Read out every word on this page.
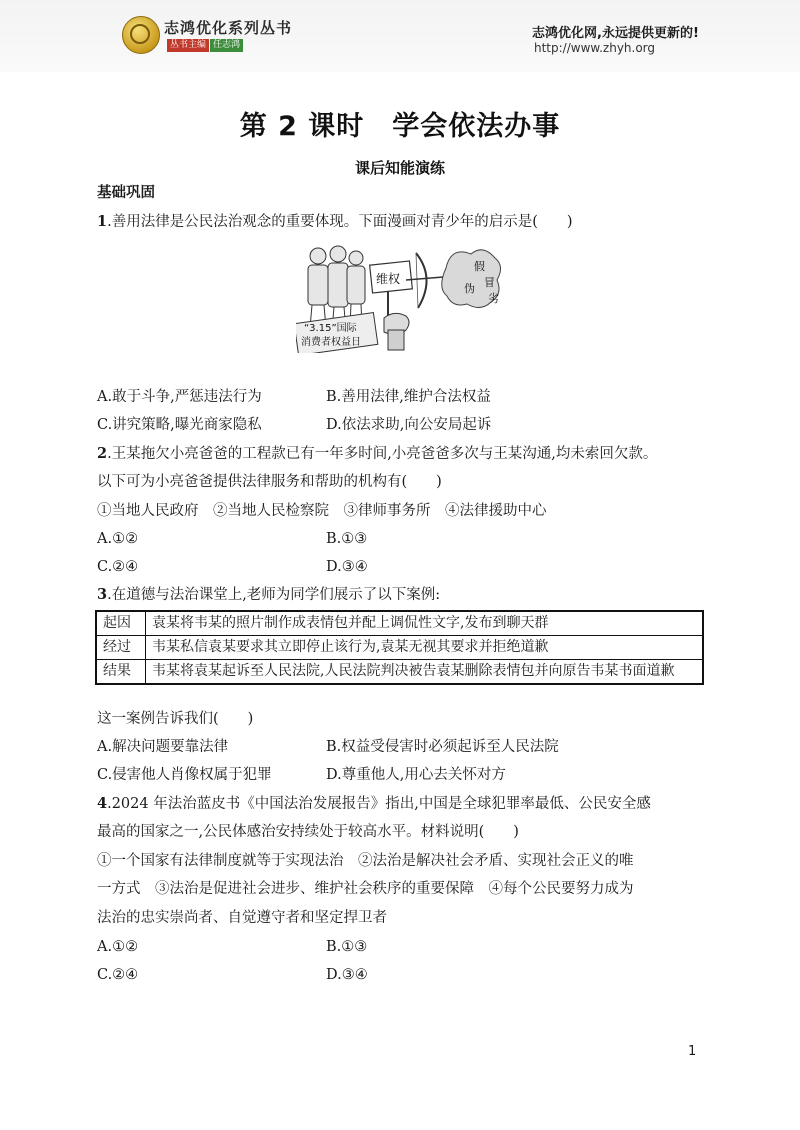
志鸿优化系列丛书
丛书主编 任志鸿
志鸿优化网,永远提供更新的!
http://www.zhyh.org
第 2 课时　学会依法办事
课后知能演练
基础巩固
1.善用法律是公民法治观念的重要体现。下面漫画对青少年的启示是(　　)
维权
“3.15”国际
消费者权益日
假
冒
伪
劣
A.敢于斗争,严惩违法行为	B.善用法律,维护合法权益
C.讲究策略,曝光商家隐私	D.依法求助,向公安局起诉
2.王某拖欠小亮爸爸的工程款已有一年多时间,小亮爸爸多次与王某沟通,均未索回欠款。
以下可为小亮爸爸提供法律服务和帮助的机构有(　　)
①当地人民政府　②当地人民检察院　③律师事务所　④法律援助中心
A.①②	B.①③
C.②④	D.③④
3.在道德与法治课堂上,老师为同学们展示了以下案例:
起因	袁某将韦某的照片制作成表情包并配上调侃性文字,发布到聊天群
经过	韦某私信袁某要求其立即停止该行为,袁某无视其要求并拒绝道歉
结果	韦某将袁某起诉至人民法院,人民法院判决被告袁某删除表情包并向原告韦某书面道歉
这一案例告诉我们(　　)
A.解决问题要靠法律	B.权益受侵害时必须起诉至人民法院
C.侵害他人肖像权属于犯罪	D.尊重他人,用心去关怀对方
4.2024 年法治蓝皮书《中国法治发展报告》指出,中国是全球犯罪率最低、公民安全感
最高的国家之一,公民体感治安持续处于较高水平。材料说明(　　)
①一个国家有法律制度就等于实现法治　②法治是解决社会矛盾、实现社会正义的唯
一方式　③法治是促进社会进步、维护社会秩序的重要保障　④每个公民要努力成为
法治的忠实崇尚者、自觉遵守者和坚定捍卫者
A.①②	B.①③
C.②④	D.③④
1
